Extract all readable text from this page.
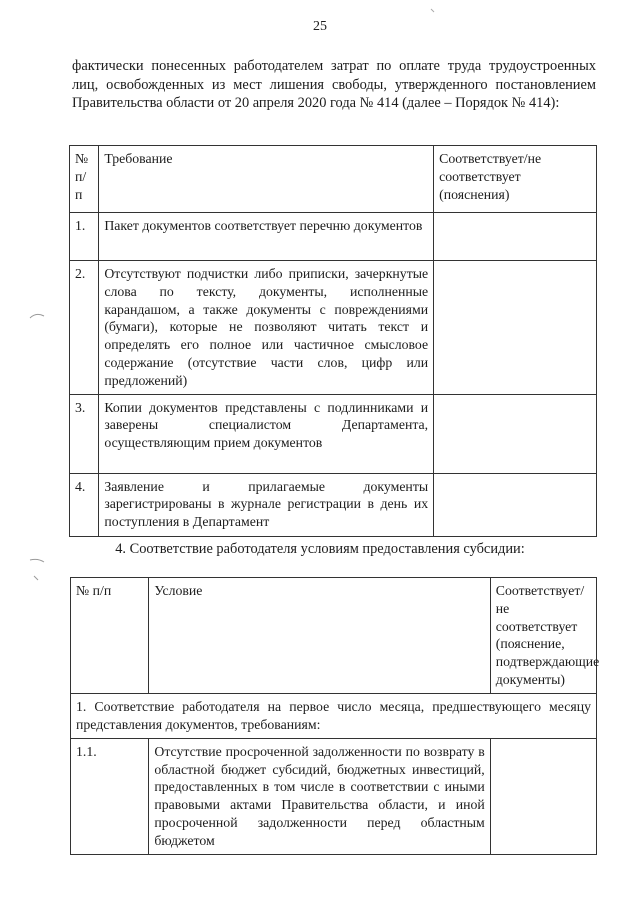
25

фактически понесенных работодателем затрат по оплате труда трудоустроенных лиц, освобожденных из мест лишения свободы, утвержденного постановлением Правительства области от 20 апреля 2020 года № 414 (далее – Порядок № 414):

№ п/п	Требование	Соответствует/не соответствует (пояснения)
1.	Пакет документов соответствует перечню документов	
2.	Отсутствуют подчистки либо приписки, зачеркнутые слова по тексту, документы, исполненные карандашом, а также документы с повреждениями (бумаги), которые не позволяют читать текст и определять его полное или частичное смысловое содержание (отсутствие части слов, цифр или предложений)	
3.	Копии документов представлены с подлинниками и заверены специалистом Департамента, осуществляющим прием документов	
4.	Заявление и прилагаемые документы зарегистрированы в журнале регистрации в день их поступления в Департамент	

4. Соответствие работодателя условиям предоставления субсидии:

№ п/п	Условие	Соответствует/не соответствует (пояснение, подтверждающие документы)
1. Соответствие работодателя на первое число месяца, предшествующего месяцу представления документов, требованиям:		
1.1.	Отсутствие просроченной задолженности по возврату в областной бюджет субсидий, бюджетных инвестиций, предоставленных в том числе в соответствии с иными правовыми актами Правительства области, и иной просроченной задолженности перед областным бюджетом	
